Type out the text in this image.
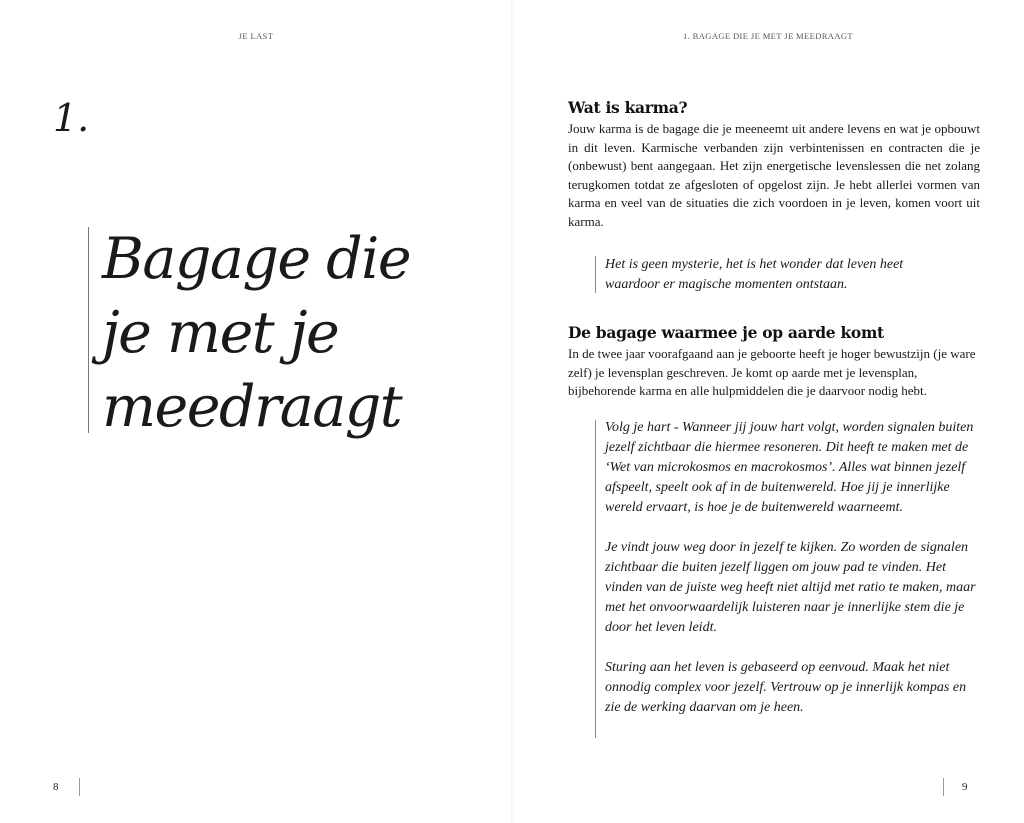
JE LAST
1.
Bagage die
je met je
meedraagt
8
1. BAGAGE DIE JE MET JE MEEDRAAGT
Wat is karma?
Jouw karma is de bagage die je meeneemt uit andere levens en wat je opbouwt in dit leven. Karmische verbanden zijn verbintenissen en contracten die je (onbewust) bent aangegaan. Het zijn energetische levenslessen die net zolang terugkomen totdat ze afgesloten of opgelost zijn. Je hebt allerlei vormen van karma en veel van de situaties die zich voordoen in je leven, komen voort uit karma.
Het is geen mysterie, het is het wonder dat leven heet
waardoor er magische momenten ontstaan.
De bagage waarmee je op aarde komt
In de twee jaar voorafgaand aan je geboorte heeft je hoger bewustzijn (je ware zelf) je levensplan geschreven. Je komt op aarde met je levensplan, bijbehorende karma en alle hulpmiddelen die je daarvoor nodig hebt.

Volg je hart - Wanneer jij jouw hart volgt, worden signalen buiten jezelf zichtbaar die hiermee resoneren. Dit heeft te maken met de ‘Wet van microkosmos en macrokosmos’. Alles wat binnen jezelf afspeelt, speelt ook af in de buitenwereld. Hoe jij je innerlijke wereld ervaart, is hoe je de buitenwereld waarneemt.

Je vindt jouw weg door in jezelf te kijken. Zo worden de signalen zichtbaar die buiten jezelf liggen om jouw pad te vinden. Het vinden van de juiste weg heeft niet altijd met ratio te maken, maar met het onvoorwaardelijk luisteren naar je innerlijke stem die je door het leven leidt.

Sturing aan het leven is gebaseerd op eenvoud. Maak het niet onnodig complex voor jezelf. Vertrouw op je innerlijk kompas en zie de werking daarvan om je heen.

9
